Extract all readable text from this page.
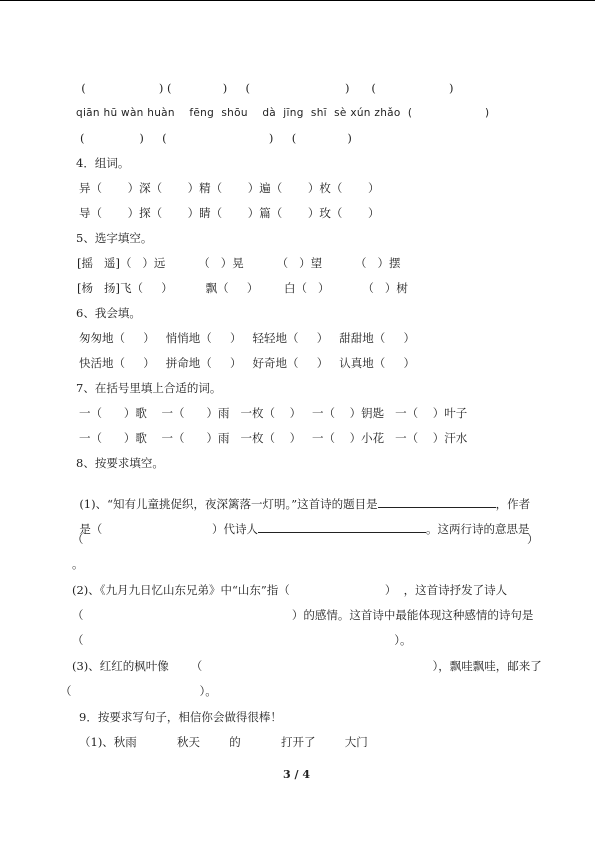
(                    ) (              )     (                          )      (                    )
qiān hū wàn huàn    fēng  shōu    dà  jīng  shī  sè xún zhǎo  (                    )
(               )     (                            )     (              )
4．组词。
异（       ）深（       ）精（       ）遍（       ）枚（       ）
导（       ）探（       ）睛（       ）篇（       ）玫（       ）
5、选字填空。
[摇   遥]（   ）远         （   ）晃         （   ）望         （   ）摆
[杨   扬]飞（     ）         飘（     ）       白（   ）         （   ）树
6、我会填。
匆匆地（     ）   悄悄地（     ）   轻轻地（     ）   甜甜地（     ）
快活地（     ）   拼命地（     ）   好奇地（     ）   认真地（     ）
7、在括号里填上合适的词。
一（      ）歌    一（      ）雨   一枚（    ）   一（    ）钥匙   一（    ）叶子
一（      ）歌    一（      ）雨   一枚（    ）   一（    ）小花   一（    ）汗水
8、按要求填空。

(1)、“知有儿童挑促织，夜深篱落一灯明。”这首诗的题目是	，作者

是（                              ）代诗人	。这两行诗的意思是

（	）
。
(2)、《九月九日忆山东兄弟》中“山东”指（                          ）  ，这首诗抒发了诗人
（                                                         ）的感情。这首诗中最能体现这种感情的诗句是
（                                                                                     ）。
(3)、红红的枫叶像      （                                                               ），飘哇飘哇，邮来了
（                                   ）。
9．按要求写句子，相信你会做得很棒！
（1)、秋雨           秋天        的           打开了        大门
3 / 4
